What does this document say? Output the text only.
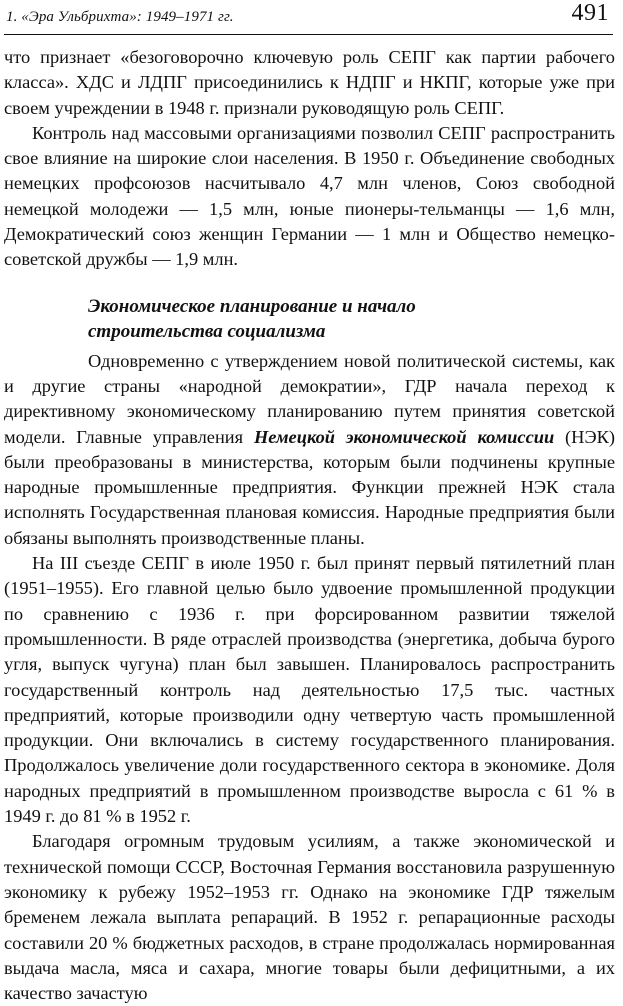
1. «Эра Ульбрихта»: 1949–1971 гг.	491

что признает «безоговорочно ключевую роль СЕПГ как партии рабочего класса». ХДС и ЛДПГ присоединились к НДПГ и НКПГ, которые уже при своем учреждении в 1948 г. признали руководящую роль СЕПГ.

Контроль над массовыми организациями позволил СЕПГ распространить свое влияние на широкие слои населения. В 1950 г. Объединение свободных немецких профсоюзов насчитывало 4,7 млн членов, Союз свободной немецкой молодежи — 1,5 млн, юные пионеры-тельманцы — 1,6 млн, Демократический союз женщин Германии — 1 млн и Общество немецко-советской дружбы — 1,9 млн.

Экономическое планирование и начало
строительства социализма

Одновременно с утверждением новой политической системы, как и другие страны «народной демократии», ГДР начала переход к директивному экономическому планированию путем принятия советской модели. Главные управления Немецкой экономической комиссии (НЭК) были преобразованы в министерства, которым были подчинены крупные народные промышленные предприятия. Функции прежней НЭК стала исполнять Государственная плановая комиссия. Народные предприятия были обязаны выполнять производственные планы.

На III съезде СЕПГ в июле 1950 г. был принят первый пятилетний план (1951–1955). Его главной целью было удвоение промышленной продукции по сравнению с 1936 г. при форсированном развитии тяжелой промышленности. В ряде отраслей производства (энергетика, добыча бурого угля, выпуск чугуна) план был завышен. Планировалось распространить государственный контроль над деятельностью 17,5 тыс. частных предприятий, которые производили одну четвертую часть промышленной продукции. Они включались в систему государственного планирования. Продолжалось увеличение доли государственного сектора в экономике. Доля народных предприятий в промышленном производстве выросла с 61 % в 1949 г. до 81 % в 1952 г.

Благодаря огромным трудовым усилиям, а также экономической и технической помощи СССР, Восточная Германия восстановила разрушенную экономику к рубежу 1952–1953 гг. Однако на экономике ГДР тяжелым бременем лежала выплата репараций. В 1952 г. репарационные расходы составили 20 % бюджетных расходов, в стране продолжалась нормированная выдача масла, мяса и сахара, многие товары были дефицитными, а их качество зачастую
